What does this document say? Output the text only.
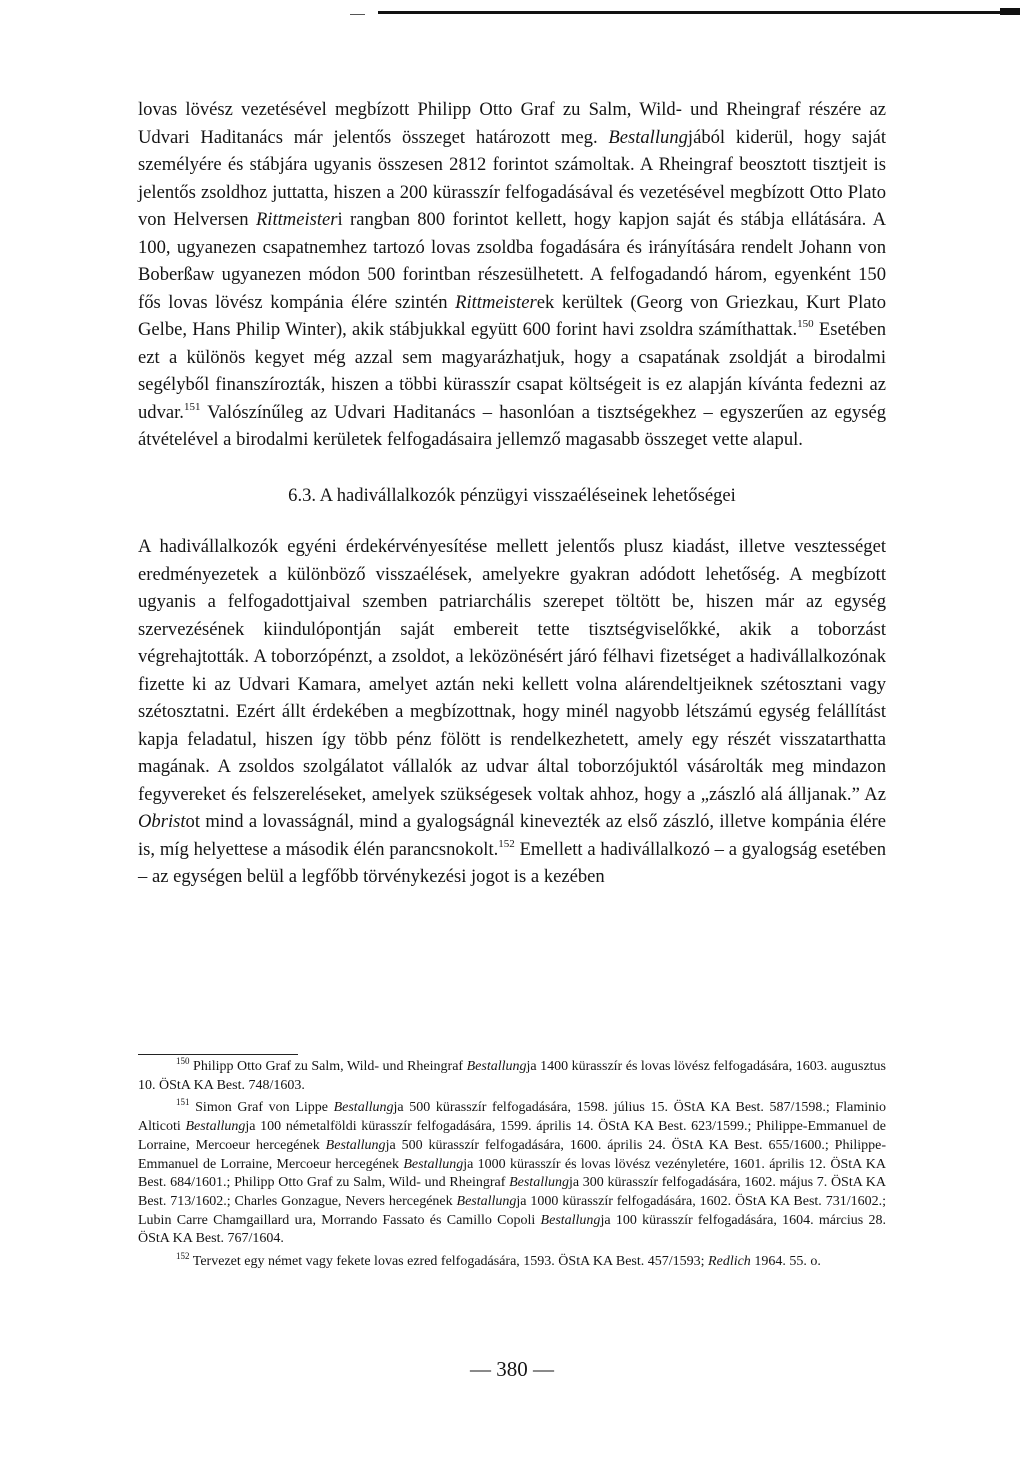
lovas lövész vezetésével megbízott Philipp Otto Graf zu Salm, Wild- und Rheingraf részére az Udvari Haditanács már jelentős összeget határozott meg. Bestallungjából kiderül, hogy saját személyére és stábjára ugyanis összesen 2812 forintot számoltak. A Rheingraf beosztott tisztjeit is jelentős zsoldhoz juttatta, hiszen a 200 kürasszír felfogadásával és vezetésével megbízott Otto Plato von Helversen Rittmeisteri rangban 800 forintot kellett, hogy kapjon saját és stábja ellátására. A 100, ugyanezen csapatnemhez tartozó lovas zsoldba fogadására és irányítására rendelt Johann von Boberßaw ugyanezen módon 500 forintban részesülhetett. A felfogadandó három, egyenként 150 fős lovas lövész kompánia élére szintén Rittmeisterek kerültek (Georg von Griezkau, Kurt Plato Gelbe, Hans Philip Winter), akik stábjukkal együtt 600 forint havi zsoldra számíthattak.$^{150}$ Esetében ezt a különös kegyet még azzal sem magyarázhatjuk, hogy a csapatának zsoldját a birodalmi segélyből finanszírozták, hiszen a többi kürasszír csapat költségeit is ez alapján kívánta fedezni az udvar.$^{151}$ Valószínűleg az Udvari Haditanács – hasonlóan a tisztségekhez – egyszerűen az egység átvételével a birodalmi kerületek felfogadásaira jellemző magasabb összeget vette alapul.

6.3. A hadivállalkozók pénzügyi visszaéléseinek lehetőségei

A hadivállalkozók egyéni érdekérvényesítése mellett jelentős plusz kiadást, illetve vesztességet eredményezetek a különböző visszaélések, amelyekre gyakran adódott lehetőség. A megbízott ugyanis a felfogadottjaival szemben patriarchális szerepet töltött be, hiszen már az egység szervezésének kiindulópontján saját embereit tette tisztségviselőkké, akik a toborzást végrehajtották. A toborzópénzt, a zsoldot, a leközönésért járó félhavi fizetséget a hadivállalkozónak fizette ki az Udvari Kamara, amelyet aztán neki kellett volna alárendeltjeiknek szétosztani vagy szétosztatni. Ezért állt érdekében a megbízottnak, hogy minél nagyobb létszámú egység felállítást kapja feladatul, hiszen így több pénz fölött is rendelkezhetett, amely egy részét visszatarthatta magának. A zsoldos szolgálatot vállalók az udvar által toborzójuktól vásárolták meg mindazon fegyvereket és felszereléseket, amelyek szükségesek voltak ahhoz, hogy a „zászló alá álljanak.” Az Obristot mind a lovasságnál, mind a gyalogságnál kinevezték az első zászló, illetve kompánia élére is, míg helyettese a második élén parancsnokolt.$^{152}$ Emellett a hadivállalkozó – a gyalogság esetében – az egységen belül a legfőbb törvénykezési jogot is a kezében

$^{150}$ Philipp Otto Graf zu Salm, Wild- und Rheingraf Bestallungja 1400 kürasszír és lovas lövész felfogadására, 1603. augusztus 10. ÖStA KA Best. 748/1603.

$^{151}$ Simon Graf von Lippe Bestallungja 500 kürasszír felfogadására, 1598. július 15. ÖStA KA Best. 587/1598.; Flaminio Alticoti Bestallungja 100 németalföldi kürasszír felfogadására, 1599. április 14. ÖStA KA Best. 623/1599.; Philippe-Emmanuel de Lorraine, Mercoeur hercegének Bestallungja 500 kürasszír felfogadására, 1600. április 24. ÖStA KA Best. 655/1600.; Philippe-Emmanuel de Lorraine, Mercoeur hercegének Bestallungja 1000 kürasszír és lovas lövész vezényletére, 1601. április 12. ÖStA KA Best. 684/1601.; Philipp Otto Graf zu Salm, Wild- und Rheingraf Bestallungja 300 kürasszír felfogadására, 1602. május 7. ÖStA KA Best. 713/1602.; Charles Gonzague, Nevers hercegének Bestallungja 1000 kürasszír felfogadására, 1602. ÖStA KA Best. 731/1602.; Lubin Carre Chamgaillard ura, Morrando Fassato és Camillo Copoli Bestallungja 100 kürasszír felfogadására, 1604. március 28. ÖStA KA Best. 767/1604.

$^{152}$ Tervezet egy német vagy fekete lovas ezred felfogadására, 1593. ÖStA KA Best. 457/1593; Redlich 1964. 55. o.

— 380 —
